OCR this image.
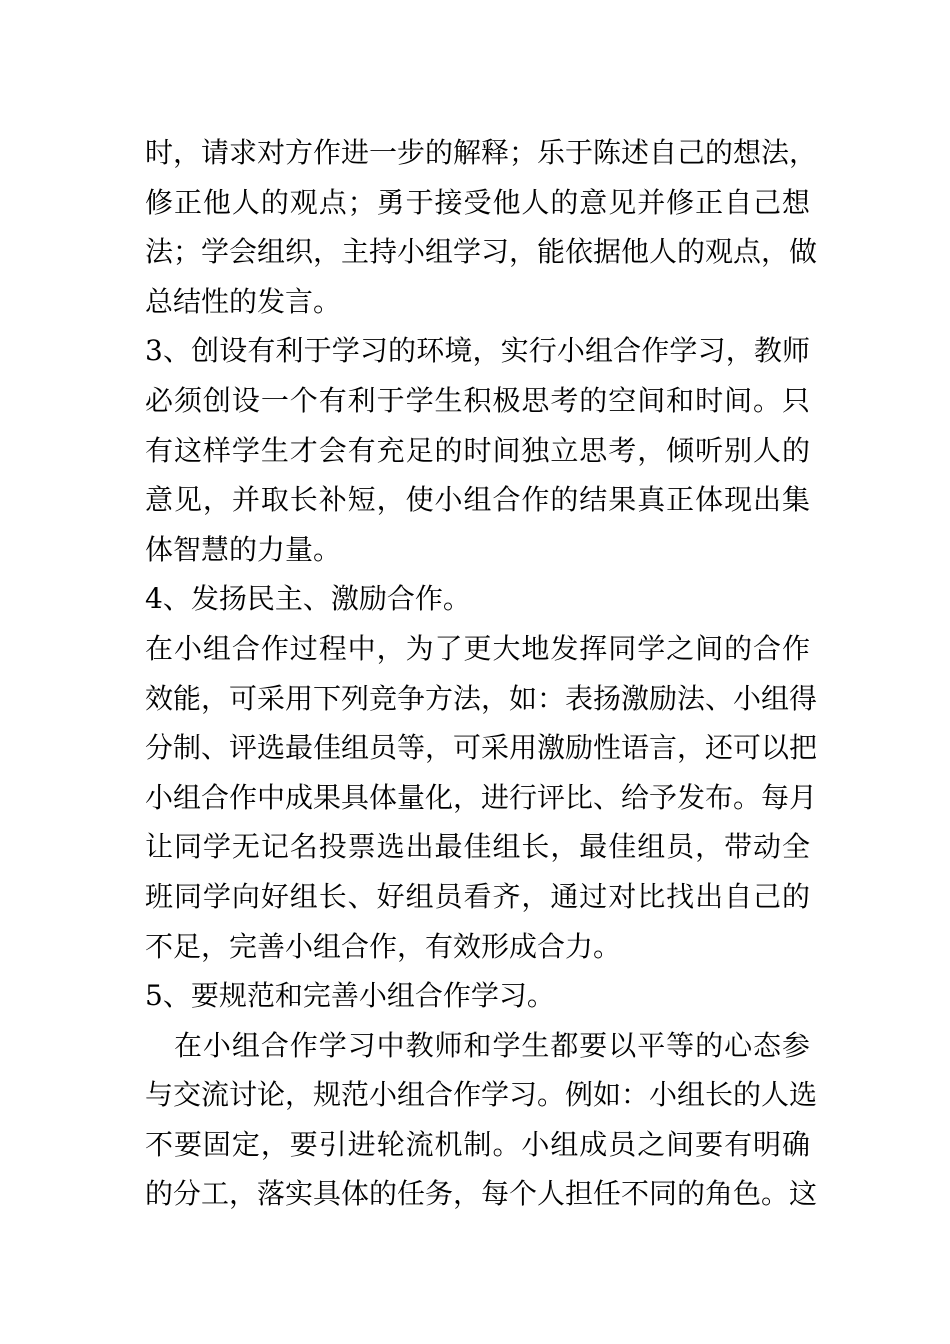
时，请求对方作进一步的解释；乐于陈述自己的想法，
修正他人的观点；勇于接受他人的意见并修正自己想
法；学会组织，主持小组学习，能依据他人的观点，做
总结性的发言。
3、创设有利于学习的环境，实行小组合作学习，教师
必须创设一个有利于学生积极思考的空间和时间。只
有这样学生才会有充足的时间独立思考，倾听别人的
意见，并取长补短，使小组合作的结果真正体现出集
体智慧的力量。
4、发扬民主、激励合作。
在小组合作过程中，为了更大地发挥同学之间的合作
效能，可采用下列竞争方法，如：表扬激励法、小组得
分制、评选最佳组员等，可采用激励性语言，还可以把
小组合作中成果具体量化，进行评比、给予发布。每月
让同学无记名投票选出最佳组长，最佳组员，带动全
班同学向好组长、好组员看齐，通过对比找出自己的
不足，完善小组合作，有效形成合力。
5、要规范和完善小组合作学习。
　在小组合作学习中教师和学生都要以平等的心态参
与交流讨论，规范小组合作学习。例如：小组长的人选
不要固定，要引进轮流机制。小组成员之间要有明确
的分工，落实具体的任务，每个人担任不同的角色。这
